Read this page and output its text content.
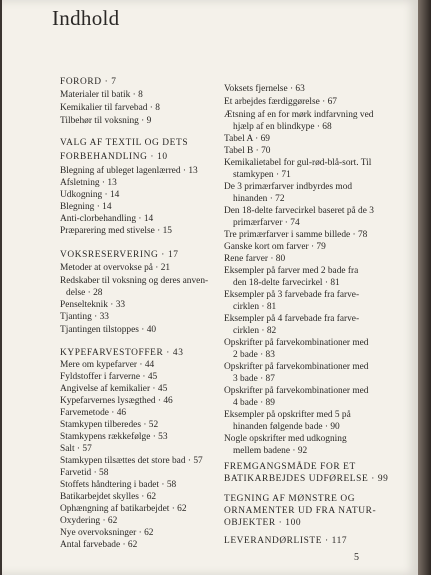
Indhold
FORORD · 7
Materialer til batik · 8
Kemikalier til farvebad · 8
Tilbehør til voksning · 9
VALG AF TEXTIL OG DETS
FORBEHANDLING · 10
Blegning af ubleget lagenlærred · 13
Afsletning · 13
Udkogning · 14
Blegning · 14
Anti-clorbehandling · 14
Præparering med stivelse · 15
VOKSRESERVERING · 17
Metoder at overvokse på · 21
Redskaber til voksning og deres anven-
delse · 28
Penselteknik · 33
Tjanting · 33
Tjantingen tilstoppes · 40
KYPEFARVESTOFFER · 43
Mere om kypefarver · 44
Fyldstoffer i farverne · 45
Angivelse af kemikalier · 45
Kypefarvernes lysægthed · 46
Farvemetode · 46
Stamkypen tilberedes · 52
Stamkypens rækkefølge · 53
Salt · 57
Stamkypen tilsættes det store bad · 57
Farvetid · 58
Stoffets håndtering i badet · 58
Batikarbejdet skylles · 62
Ophængning af batikarbejdet · 62
Oxydering · 62
Nye overvoksninger · 62
Antal farvebade · 62
Voksets fjernelse · 63
Et arbejdes færdiggørelse · 67
Ætsning af en for mørk indfarvning ved
hjælp af en blindkype · 68
Tabel A · 69
Tabel B · 70
Kemikalietabel for gul-rød-blå-sort. Til
stamkypen · 71
De 3 primærfarver indbyrdes mod
hinanden · 72
Den 18-delte farvecirkel baseret på de 3
primærfarver · 74
Tre primærfarver i samme billede · 78
Ganske kort om farver · 79
Rene farver · 80
Eksempler på farver med 2 bade fra
den 18-delte farvecirkel · 81
Eksempler på 3 farvebade fra farve-
cirklen · 81
Eksempler på 4 farvebade fra farve-
cirklen · 82
Opskrifter på farvekombinationer med
2 bade · 83
Opskrifter på farvekombinationer med
3 bade · 87
Opskrifter på farvekombinationer med
4 bade · 89
Eksempler på opskrifter med 5 på
hinanden følgende bade · 90
Nogle opskrifter med udkogning
mellem badene · 92
FREMGANGSMÅDE FOR ET
BATIKARBEJDES UDFØRELSE · 99
TEGNING AF MØNSTRE OG
ORNAMENTER UD FRA NATUR-
OBJEKTER · 100
LEVERANDØRLISTE · 117
5
